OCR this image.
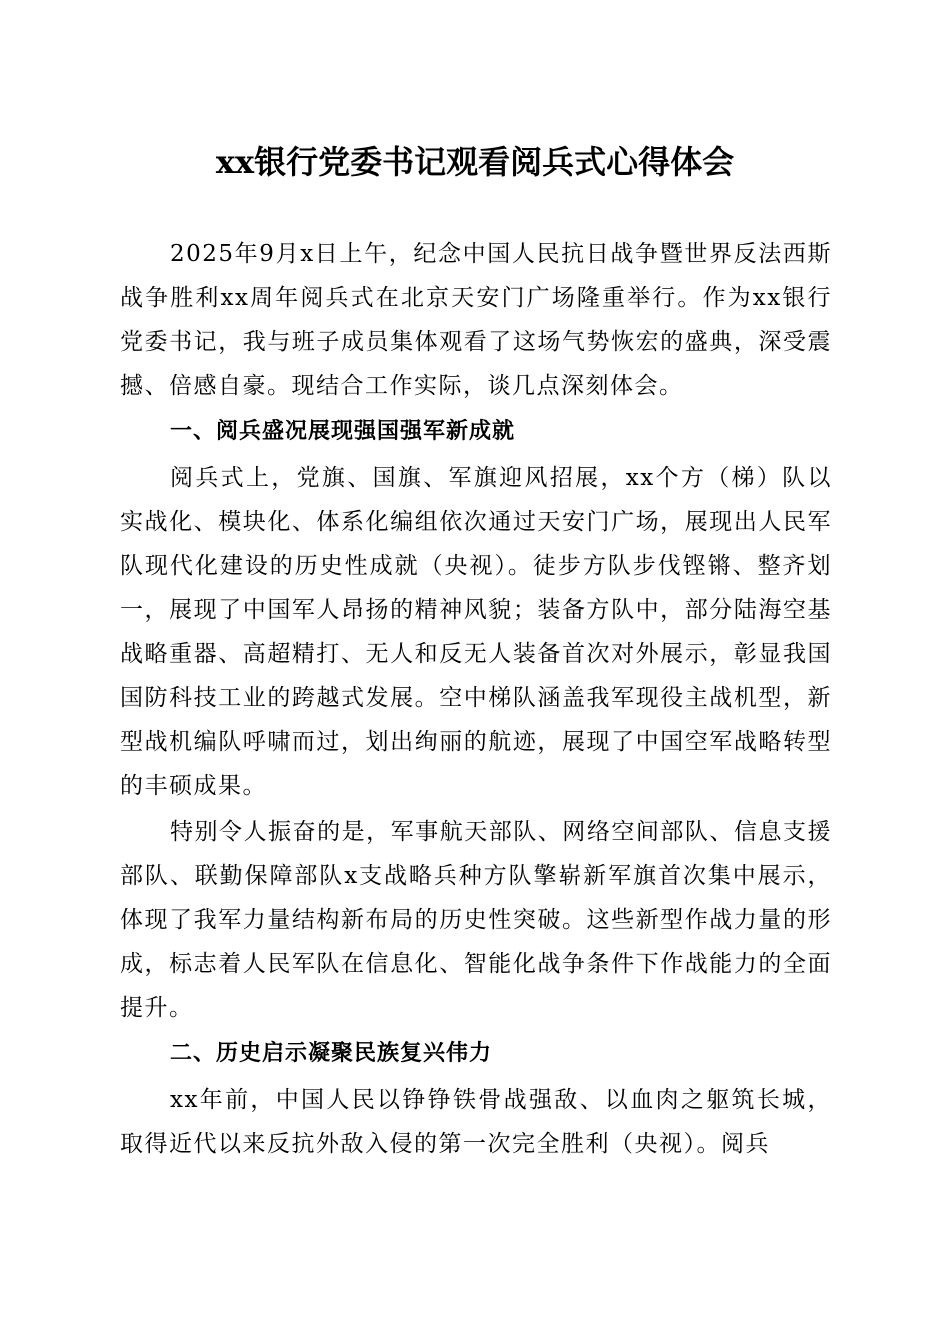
xx银行党委书记观看阅兵式心得体会

2025年9月x日上午，纪念中国人民抗日战争暨世界反法西斯战争胜利xx周年阅兵式在北京天安门广场隆重举行。作为xx银行党委书记，我与班子成员集体观看了这场气势恢宏的盛典，深受震撼、倍感自豪。现结合工作实际，谈几点深刻体会。

一、阅兵盛况展现强国强军新成就

阅兵式上，党旗、国旗、军旗迎风招展，xx个方（梯）队以实战化、模块化、体系化编组依次通过天安门广场，展现出人民军队现代化建设的历史性成就（央视）。徒步方队步伐铿锵、整齐划一，展现了中国军人昂扬的精神风貌；装备方队中，部分陆海空基战略重器、高超精打、无人和反无人装备首次对外展示，彰显我国国防科技工业的跨越式发展。空中梯队涵盖我军现役主战机型，新型战机编队呼啸而过，划出绚丽的航迹，展现了中国空军战略转型的丰硕成果。

特别令人振奋的是，军事航天部队、网络空间部队、信息支援部队、联勤保障部队x支战略兵种方队擎崭新军旗首次集中展示，体现了我军力量结构新布局的历史性突破。这些新型作战力量的形成，标志着人民军队在信息化、智能化战争条件下作战能力的全面提升。

二、历史启示凝聚民族复兴伟力

xx年前，中国人民以铮铮铁骨战强敌、以血肉之躯筑长城，取得近代以来反抗外敌入侵的第一次完全胜利（央视）。阅兵
